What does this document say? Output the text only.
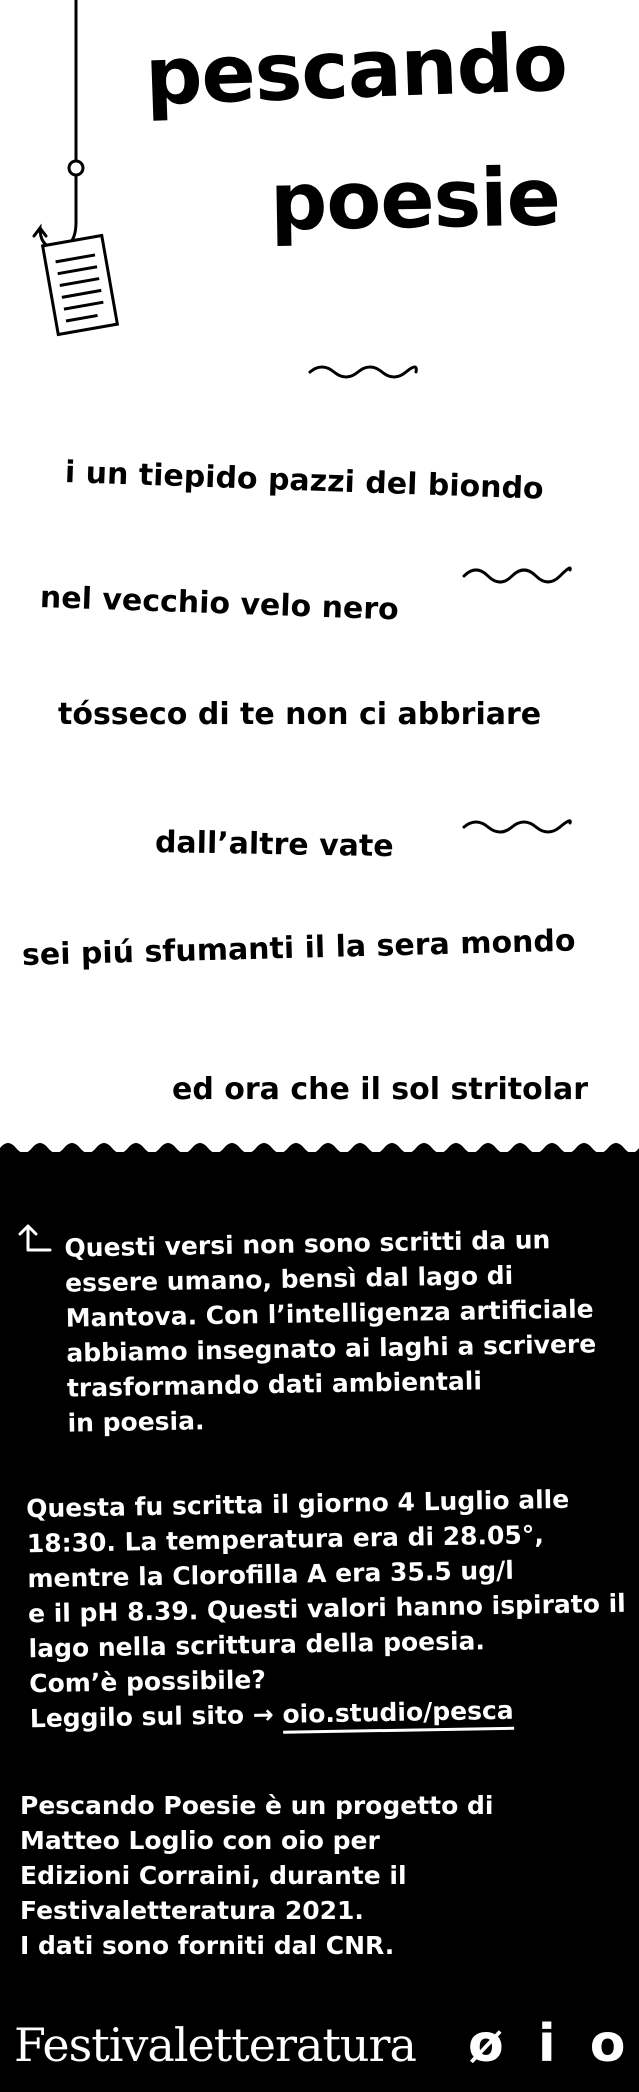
pescando
poesie

i un tiepido pazzi del biondo

nel vecchio velo nero

tósseco di te non ci abbriare

dall’altre vate

sei piú sfumanti il la sera mondo

ed ora che il sol stritolar

Questi versi non sono scritti da un
essere umano, bensì dal lago di
Mantova. Con l’intelligenza artificiale
abbiamo insegnato ai laghi a scrivere
trasformando dati ambientali
in poesia.

Questa fu scritta il giorno 4 Luglio alle
18:30. La temperatura era di 28.05°,
mentre la Clorofilla A era 35.5 ug/l
e il pH 8.39. Questi valori hanno ispirato il
lago nella scrittura della poesia.
Com’è possibile?
Leggilo sul sito → oio.studio/pesca

Pescando Poesie è un progetto di
Matteo Loglio con oio per
Edizioni Corraini, durante il
Festivaletteratura 2021.
I dati sono forniti dal CNR.

Festivaletteratura ø i o
